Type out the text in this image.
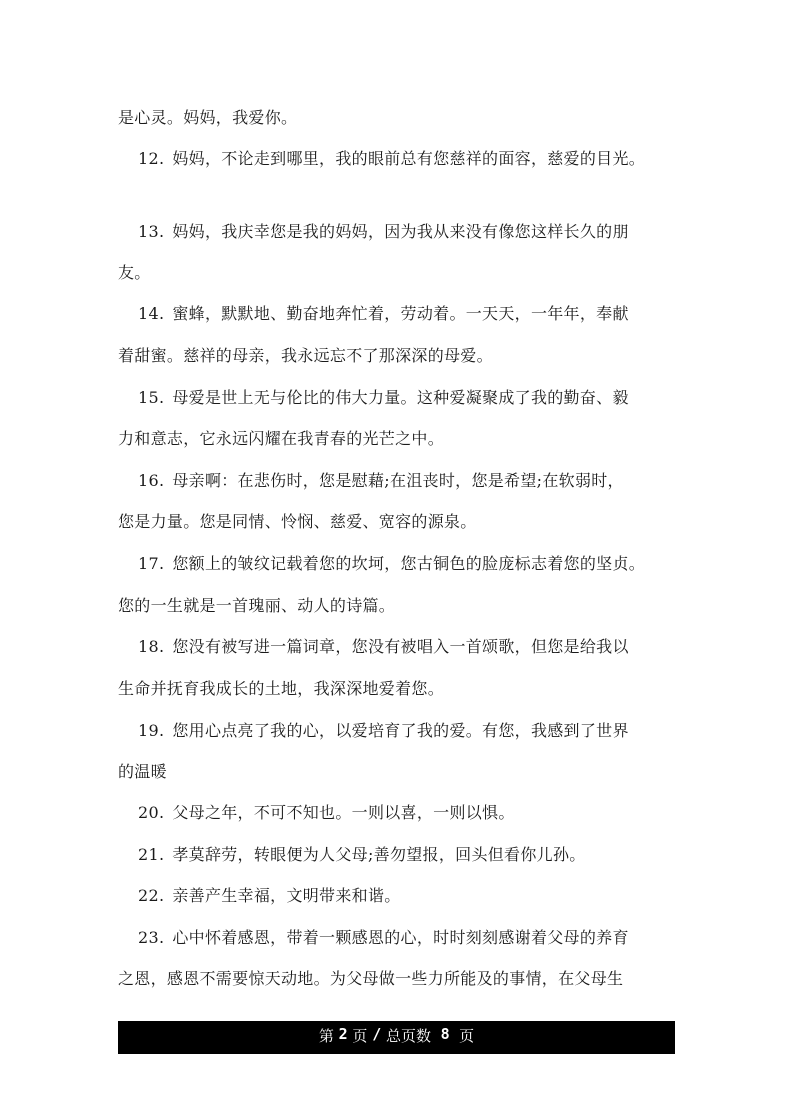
是心灵。妈妈，我爱你。
12. 妈妈，不论走到哪里，我的眼前总有您慈祥的面容，慈爱的目光。
13. 妈妈，我庆幸您是我的妈妈，因为我从来没有像您这样长久的朋
友。
14. 蜜蜂，默默地、勤奋地奔忙着，劳动着。一天天，一年年，奉献
着甜蜜。慈祥的母亲，我永远忘不了那深深的母爱。
15. 母爱是世上无与伦比的伟大力量。这种爱凝聚成了我的勤奋、毅
力和意志，它永远闪耀在我青春的光芒之中。
16. 母亲啊：在悲伤时，您是慰藉;在沮丧时，您是希望;在软弱时，
您是力量。您是同情、怜悯、慈爱、宽容的源泉。
17. 您额上的皱纹记载着您的坎坷，您古铜色的脸庞标志着您的坚贞。
您的一生就是一首瑰丽、动人的诗篇。
18. 您没有被写进一篇词章，您没有被唱入一首颂歌，但您是给我以
生命并抚育我成长的土地，我深深地爱着您。
19. 您用心点亮了我的心，以爱培育了我的爱。有您，我感到了世界
的温暖
20. 父母之年，不可不知也。一则以喜，一则以惧。
21. 孝莫辞劳，转眼便为人父母;善勿望报，回头但看你儿孙。
22. 亲善产生幸福，文明带来和谐。
23. 心中怀着感恩，带着一颗感恩的心，时时刻刻感谢着父母的养育
之恩，感恩不需要惊天动地。为父母做一些力所能及的事情，在父母生
第
2
页
/
总页数
8
页
